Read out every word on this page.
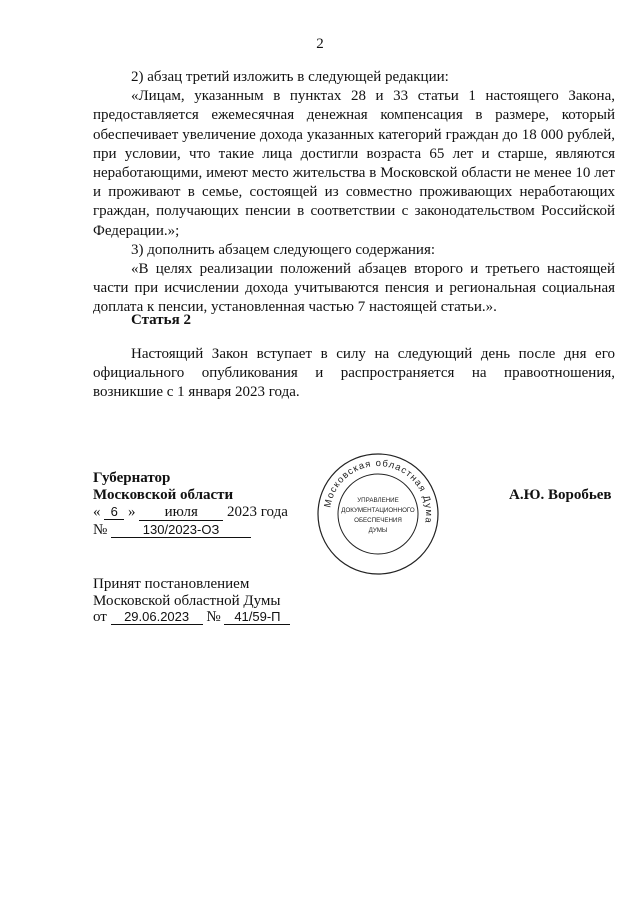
2

2) абзац третий изложить в следующей редакции:

«Лицам, указанным в пунктах 28 и 33 статьи 1 настоящего Закона, предоставляется ежемесячная денежная компенсация в размере, который обеспечивает увеличение дохода указанных категорий граждан до 18 000 рублей, при условии, что такие лица достигли возраста 65 лет и старше, являются неработающими, имеют место жительства в Московской области не менее 10 лет и проживают в семье, состоящей из совместно проживающих неработающих граждан, получающих пенсии в соответствии с законодательством Российской Федерации.»;

3) дополнить абзацем следующего содержания:

«В целях реализации положений абзацев второго и третьего настоящей части при исчислении дохода учитываются пенсия и региональная социальная доплата к пенсии, установленная частью 7 настоящей статьи.».

Статья 2

Настоящий Закон вступает в силу на следующий день после дня его официального опубликования и распространяется на правоотношения, возникшие с 1 января 2023 года.

Губернатор
Московской области
« 6 » июля 2023 года
№	130/2023-ОЗ
А.Ю. Воробьев
Московская областная Дума
УПРАВЛЕНИЕ
ДОКУМЕНТАЦИОННОГО
ОБЕСПЕЧЕНИЯ
ДУМЫ
Принят постановлением
Московской областной Думы
от 29.06.2023 № 41/59-П
